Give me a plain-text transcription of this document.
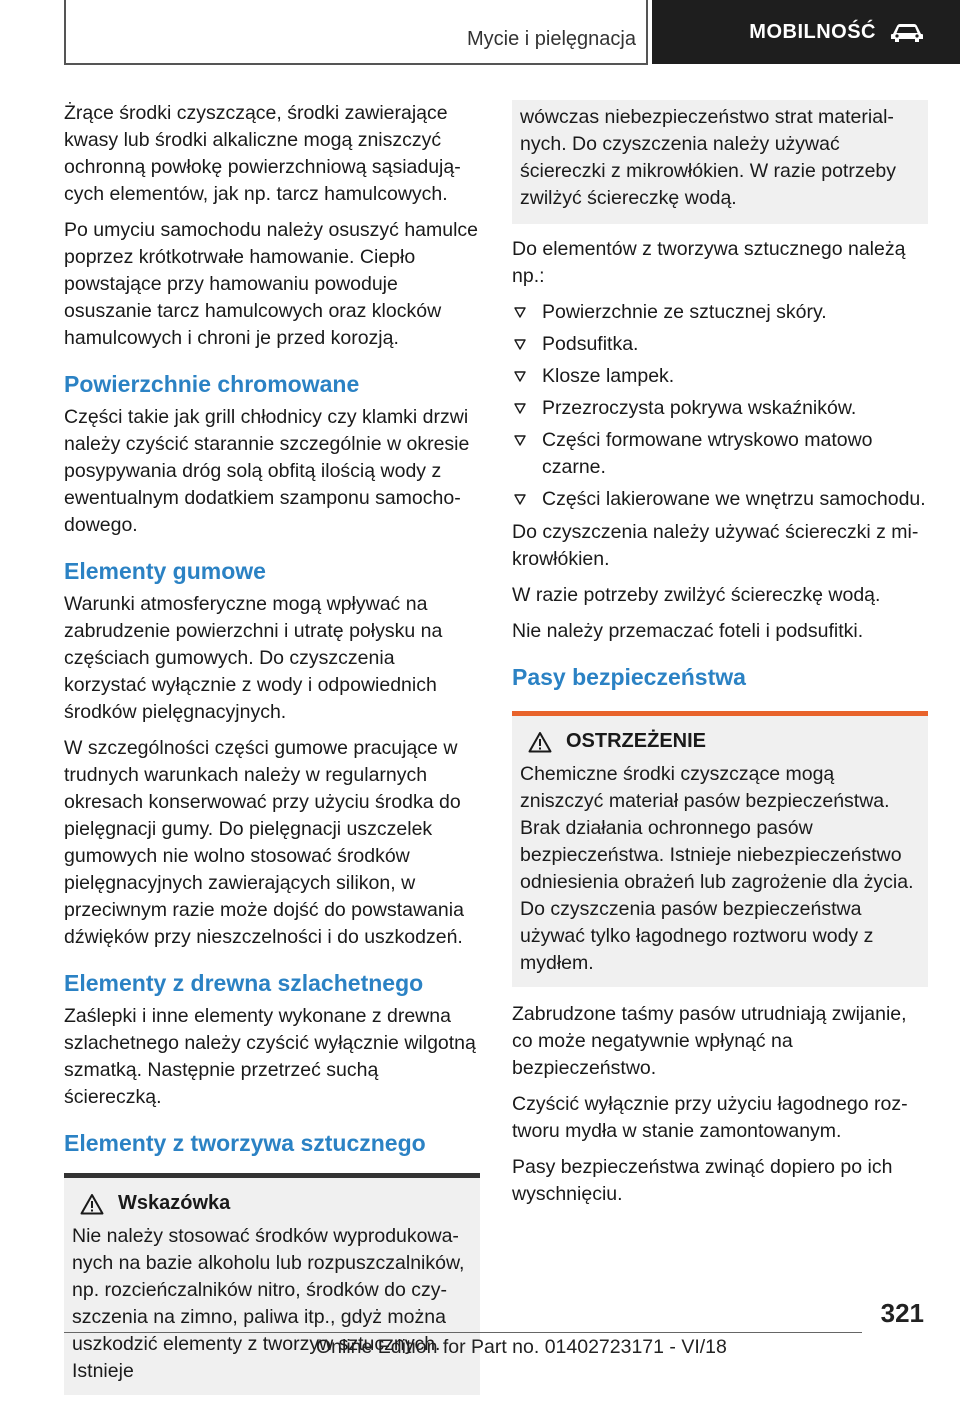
Mycie i pielęgnacja	MOBILNOŚĆ

Żrące środki czyszczące, środki zawierające kwasy lub środki alkaliczne mogą zniszczyć ochronną powłokę powierzchniową sąsiadujących elementów, jak np. tarcz hamulcowych.

Po umyciu samochodu należy osuszyć hamulce poprzez krótkotrwałe hamowanie. Ciepło powstające przy hamowaniu powoduje osuszanie tarcz hamulcowych oraz klocków hamulcowych i chroni je przed korozją.

Powierzchnie chromowane

Części takie jak grill chłodnicy czy klamki drzwi należy czyścić starannie szczególnie w okresie posypywania dróg solą obfitą ilością wody z ewentualnym dodatkiem szamponu samochodowego.

Elementy gumowe

Warunki atmosferyczne mogą wpływać na zabrudzenie powierzchni i utratę połysku na częściach gumowych. Do czyszczenia korzystać wyłącznie z wody i odpowiednich środków pielęgnacyjnych.

W szczególności części gumowe pracujące w trudnych warunkach należy w regularnych okresach konserwować przy użyciu środka do pielęgnacji gumy. Do pielęgnacji uszczelek gumowych nie wolno stosować środków pielęgnacyjnych zawierających silikon, w przeciwnym razie może dojść do powstawania dźwięków przy nieszczelności i do uszkodzeń.

Elementy z drewna szlachetnego

Zaślepki i inne elementy wykonane z drewna szlachetnego należy czyścić wyłącznie wilgotną szmatką. Następnie przetrzeć suchą ściereczką.

Elementy z tworzywa sztucznego
Wskazówka

Nie należy stosować środków wyprodukowanych na bazie alkoholu lub rozpuszczalników, np. rozcieńczalników nitro, środków do czyszczenia na zimno, paliwa itp., gdyż można uszkodzić elementy z tworzyw sztucznych. Istnieje

wówczas niebezpieczeństwo strat materialnych. Do czyszczenia należy używać ściereczki z mikrowłókien. W razie potrzeby zwilżyć ściereczkę wodą.

Do elementów z tworzywa sztucznego należą np.:

Powierzchnie ze sztucznej skóry.
Podsufitka.
Klosze lampek.
Przezroczysta pokrywa wskaźników.
Części formowane wtryskowo matowo czarne.
Części lakierowane we wnętrzu samochodu.

Do czyszczenia należy używać ściereczki z mikrowłókien.

W razie potrzeby zwilżyć ściereczkę wodą.

Nie należy przemaczać foteli i podsufitki.

Pasy bezpieczeństwa
OSTRZEŻENIE

Chemiczne środki czyszczące mogą zniszczyć materiał pasów bezpieczeństwa. Brak działania ochronnego pasów bezpieczeństwa. Istnieje niebezpieczeństwo odniesienia obrażeń lub zagrożenie dla życia. Do czyszczenia pasów bezpieczeństwa używać tylko łagodnego roztworu wody z mydłem.

Zabrudzone taśmy pasów utrudniają zwijanie, co może negatywnie wpłynąć na bezpieczeństwo.

Czyścić wyłącznie przy użyciu łagodnego roztworu mydła w stanie zamontowanym.

Pasy bezpieczeństwa zwinąć dopiero po ich wyschnięciu.

321
Online Edition for Part no. 01402723171 - VI/18
